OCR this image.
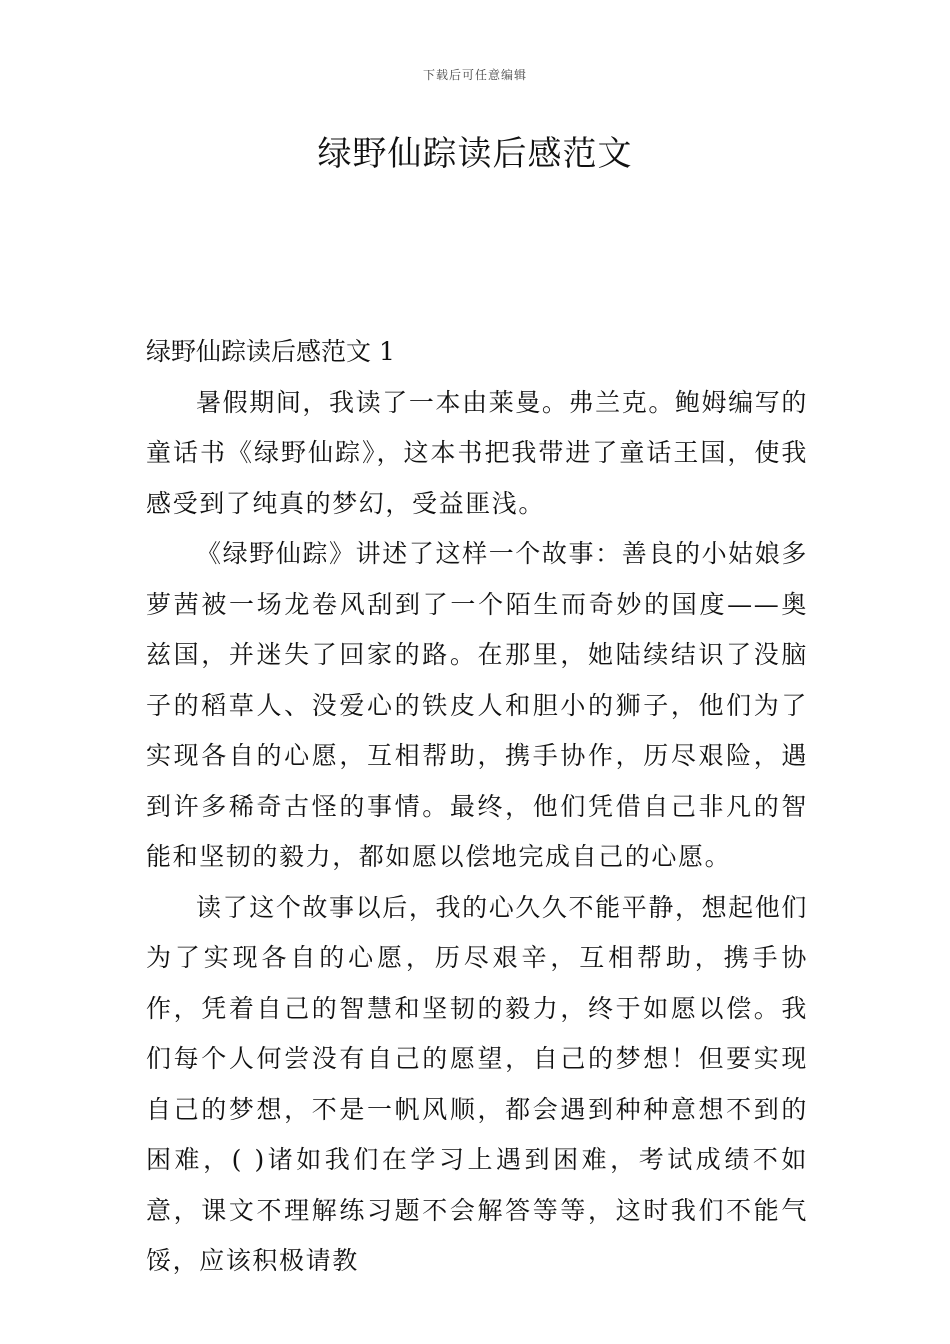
下载后可任意编辑
绿野仙踪读后感范文

绿野仙踪读后感范文 1

暑假期间，我读了一本由莱曼。弗兰克。鲍姆编写的童话书《绿野仙踪》，这本书把我带进了童话王国，使我感受到了纯真的梦幻，受益匪浅。

《绿野仙踪》讲述了这样一个故事：善良的小姑娘多萝茜被一场龙卷风刮到了一个陌生而奇妙的国度——奥兹国，并迷失了回家的路。在那里，她陆续结识了没脑子的稻草人、没爱心的铁皮人和胆小的狮子，他们为了实现各自的心愿，互相帮助，携手协作，历尽艰险，遇到许多稀奇古怪的事情。最终，他们凭借自己非凡的智能和坚韧的毅力，都如愿以偿地完成自己的心愿。

读了这个故事以后，我的心久久不能平静，想起他们为了实现各自的心愿，历尽艰辛，互相帮助，携手协作，凭着自己的智慧和坚韧的毅力，终于如愿以偿。我们每个人何尝没有自己的愿望，自己的梦想！但要实现自己的梦想，不是一帆风顺，都会遇到种种意想不到的困难，( )诸如我们在学习上遇到困难，考试成绩不如意，课文不理解练习题不会解答等等，这时我们不能气馁，应该积极请教
